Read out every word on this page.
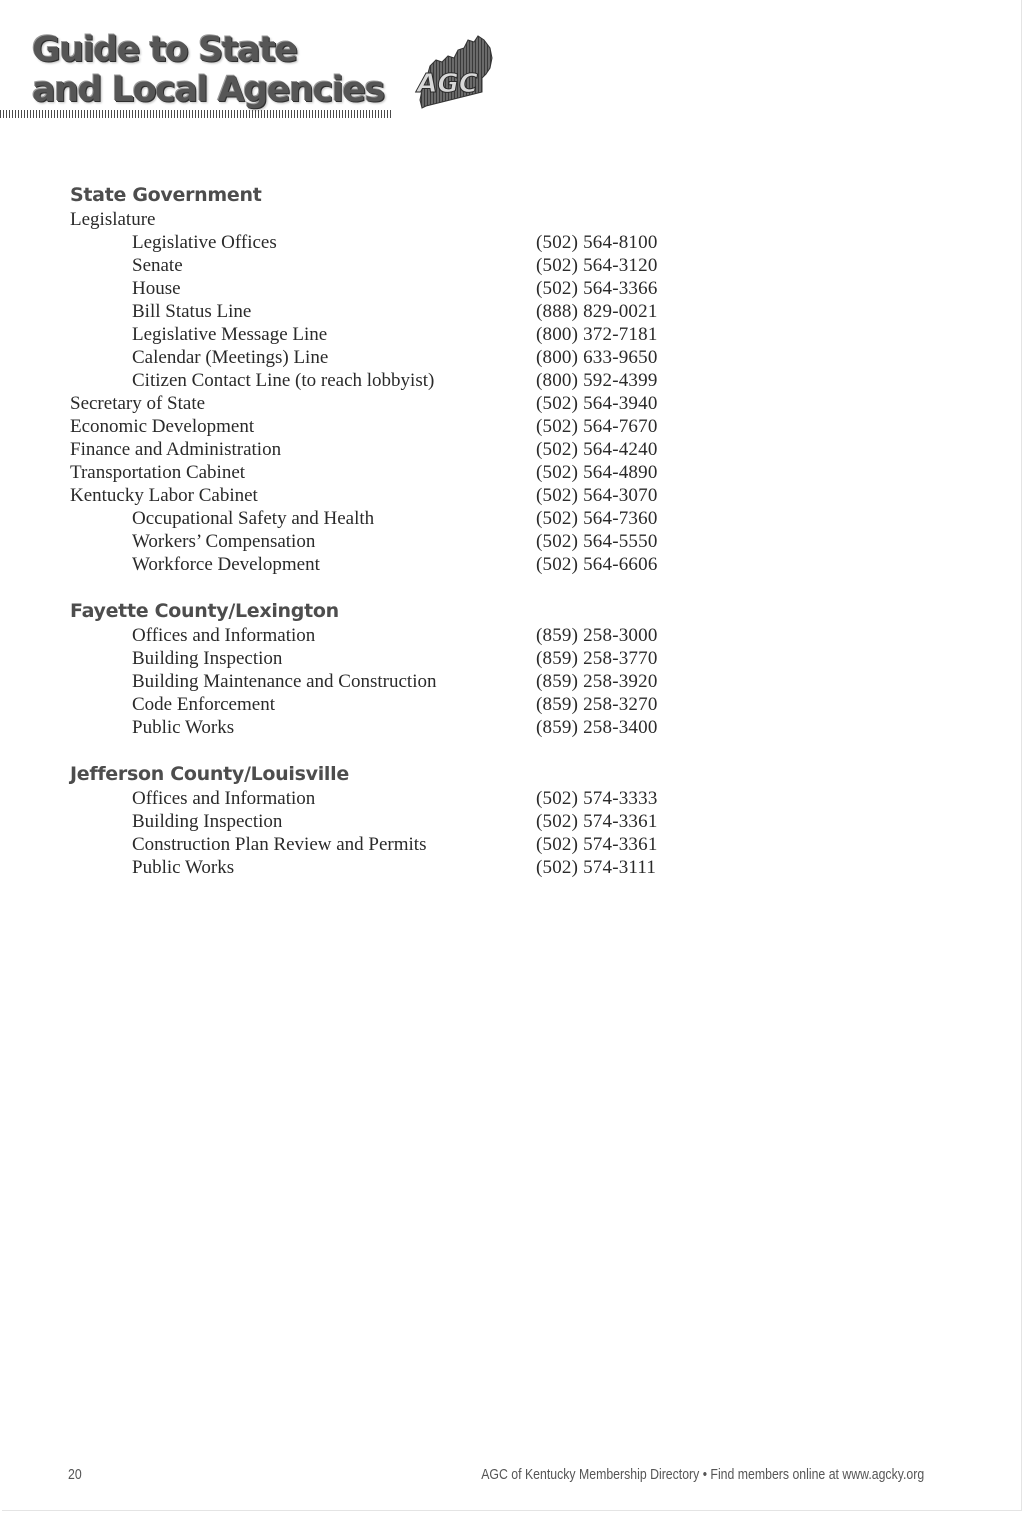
Guide to State
and Local Agencies AGC
State Government
Legislature
Legislative Offices	(502) 564-8100
Senate	(502) 564-3120
House	(502) 564-3366
Bill Status Line	(888) 829-0021
Legislative Message Line	(800) 372-7181
Calendar (Meetings) Line	(800) 633-9650
Citizen Contact Line (to reach lobbyist)	(800) 592-4399
Secretary of State	(502) 564-3940
Economic Development	(502) 564-7670
Finance and Administration	(502) 564-4240
Transportation Cabinet	(502) 564-4890
Kentucky Labor Cabinet	(502) 564-3070
Occupational Safety and Health	(502) 564-7360
Workers’ Compensation	(502) 564-5550
Workforce Development	(502) 564-6606
Fayette County/Lexington
Offices and Information	(859) 258-3000
Building Inspection	(859) 258-3770
Building Maintenance and Construction	(859) 258-3920
Code Enforcement	(859) 258-3270
Public Works	(859) 258-3400
Jefferson County/Louisville
Offices and Information	(502) 574-3333
Building Inspection	(502) 574-3361
Construction Plan Review and Permits	(502) 574-3361
Public Works	(502) 574-3111
20	AGC of Kentucky Membership Directory • Find members online at www.agcky.org
